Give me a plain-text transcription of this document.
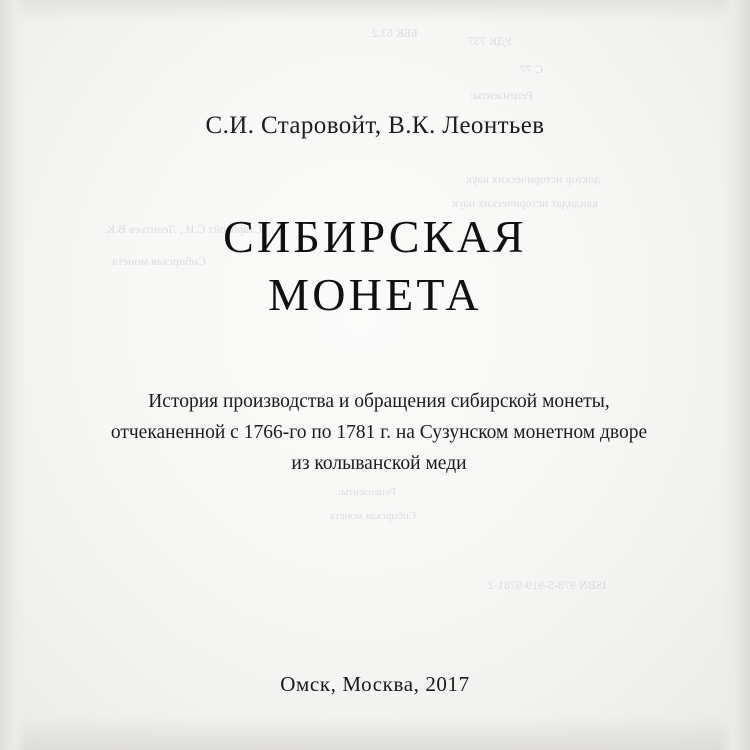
ББК 63.2
УДК 737
С 77
Рецензенты:
доктор исторических наук
кандидат исторических наук
Старовойт С.И., Леонтьев В.К.
Сибирская монета
Рецензенты:
Сибирская монета
ISBN 978-5-919-9781-2
С.И. Старовойт, В.К. Леонтьев
СИБИРСКАЯ
МОНЕТА
История производства и обращения сибирской монеты,
отчеканенной с 1766-го по 1781 г. на Сузунском монетном дворе
из колыванской меди
Омск, Москва, 2017
